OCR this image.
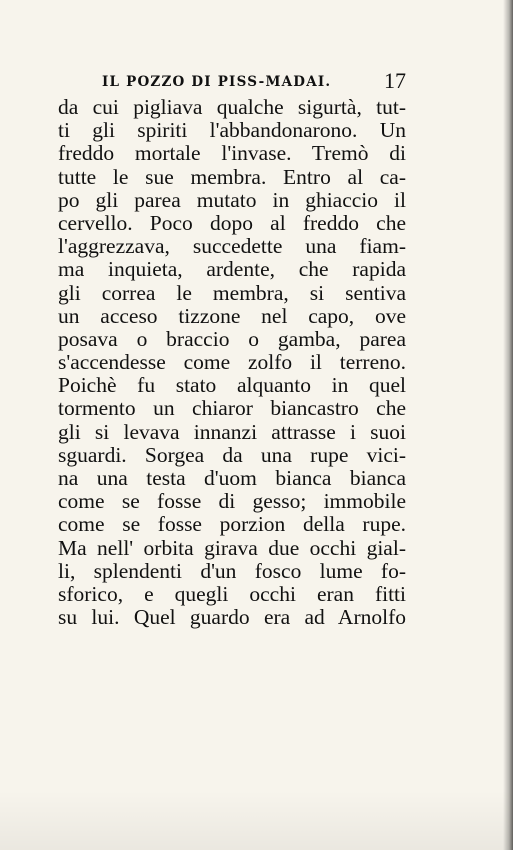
IL POZZO DI PISS-MADAI. 17
da cui pigliava qualche sigurtà, tut-
ti gli spiriti l'abbandonarono. Un
freddo mortale l'invase. Tremò di
tutte le sue membra. Entro al ca-
po gli parea mutato in ghiaccio il
cervello. Poco dopo al freddo che
l'aggrezzava, succedette una fiam-
ma inquieta, ardente, che rapida
gli correa le membra, si sentiva
un acceso tizzone nel capo, ove
posava o braccio o gamba, parea
s'accendesse come zolfo il terreno.
Poichè fu stato alquanto in quel
tormento un chiaror biancastro che
gli si levava innanzi attrasse i suoi
sguardi. Sorgea da una rupe vici-
na una testa d'uom bianca bianca
come se fosse di gesso; immobile
come se fosse porzion della rupe.
Ma nell' orbita girava due occhi gial-
li, splendenti d'un fosco lume fo-
sforico, e quegli occhi eran fitti
su lui. Quel guardo era ad Arnolfo
